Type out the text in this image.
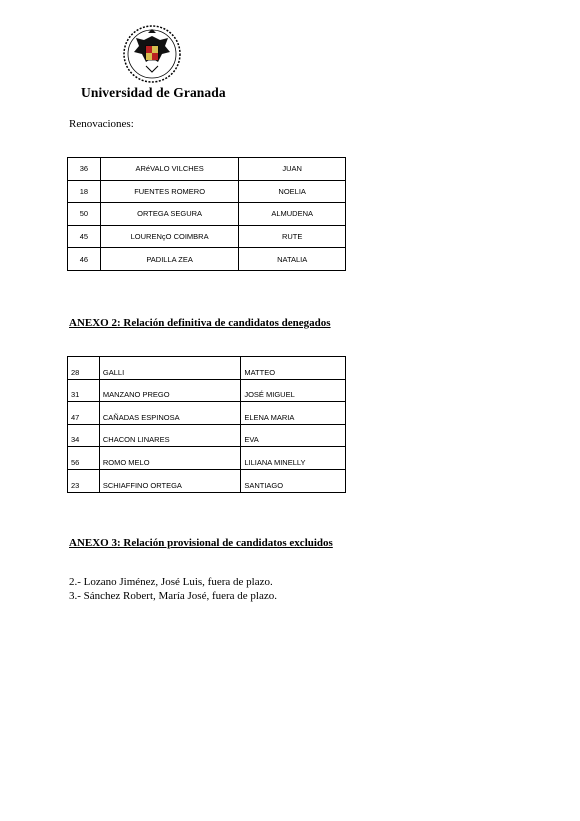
Universidad de Granada
Renovaciones:
36	ARéVALO VILCHES	JUAN
18	FUENTES ROMERO	NOELIA
50	ORTEGA SEGURA	ALMUDENA
45	LOURENçO COIMBRA	RUTE
46	PADILLA ZEA	NATALIA
ANEXO 2: Relación definitiva de candidatos denegados
28	GALLI	MATTEO
31	MANZANO PREGO	JOSÉ MIGUEL
47	CAÑADAS ESPINOSA	ELENA MARIA
34	CHACON LINARES	EVA
56	ROMO MELO	LILIANA MINELLY
23	SCHIAFFINO ORTEGA	SANTIAGO
ANEXO 3: Relación provisional de candidatos excluidos
2.- Lozano Jiménez, José Luis, fuera de plazo.
3.- Sánchez Robert, María José, fuera de plazo.
